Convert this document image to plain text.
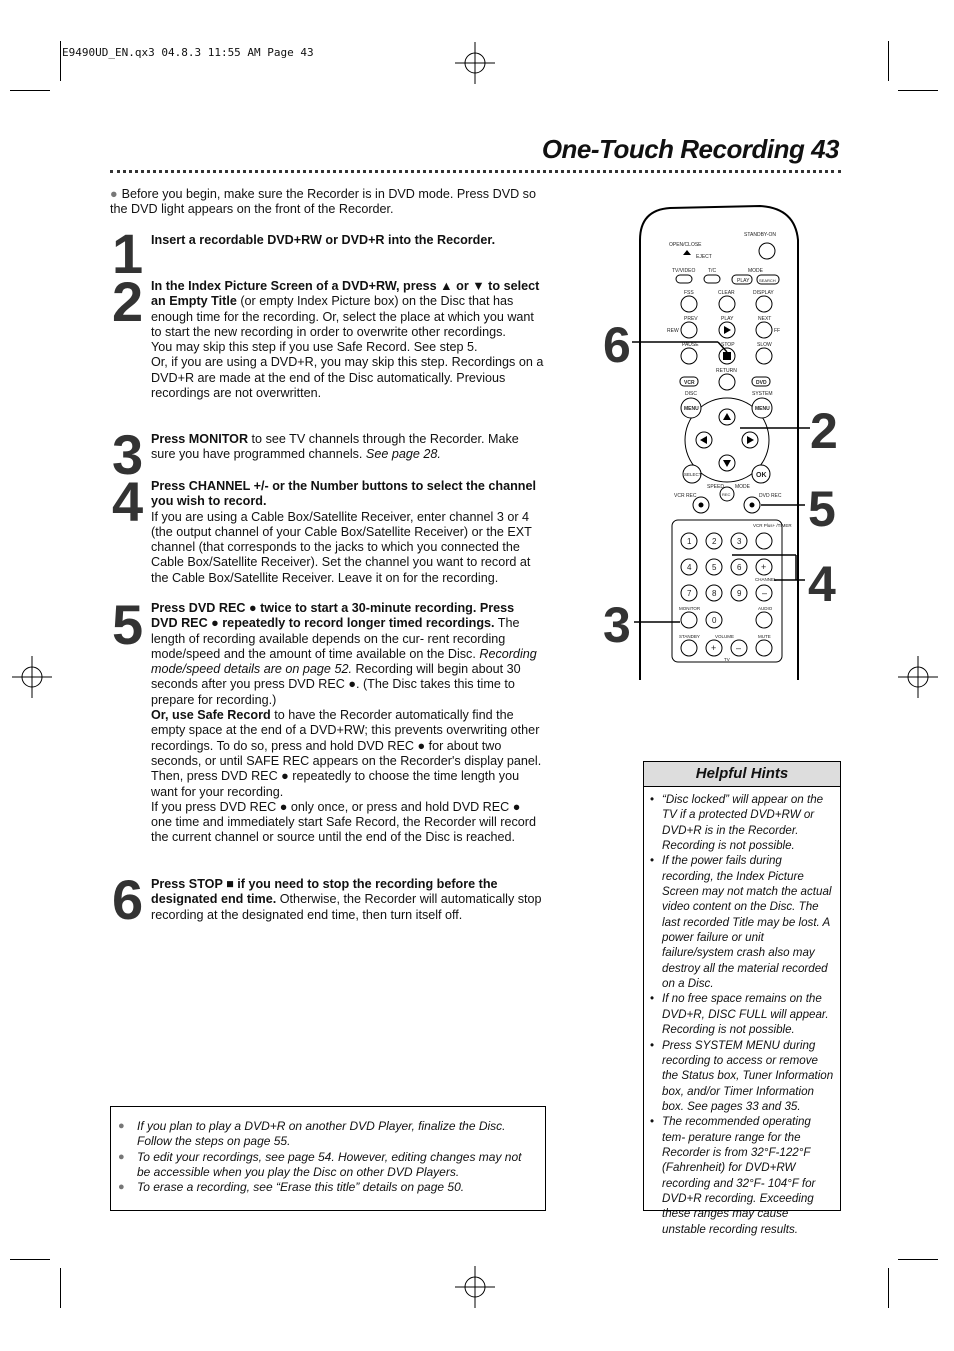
E9490UD_EN.qx3 04.8.3 11:55 AM Page 43
One-Touch Recording 43
● Before you begin, make sure the Recorder is in DVD mode. Press DVD so the DVD light appears on the front of the Recorder.
1 Insert a recordable DVD+RW or DVD+R into the Recorder.
2 In the Index Picture Screen of a DVD+RW, press ▲ or ▼ to select an Empty Title (or empty Index Picture box) on the Disc that has enough time for the recording. Or, select the place at which you want to start the new recording in order to overwrite other recordings.
You may skip this step if you use Safe Record. See step 5.
Or, if you are using a DVD+R, you may skip this step. Recordings on a DVD+R are made at the end of the Disc automatically. Previous recordings are not overwritten.
3 Press MONITOR to see TV channels through the Recorder. Make sure you have programmed channels. See page 28.
4 Press CHANNEL +/- or the Number buttons to select the channel you wish to record.
If you are using a Cable Box/Satellite Receiver, enter channel 3 or 4 (the output channel of your Cable Box/Satellite Receiver) or the EXT channel (that corresponds to the jacks to which you connected the Cable Box/Satellite Receiver). Set the channel you want to record at the Cable Box/Satellite Receiver. Leave it on for the recording.
5 Press DVD REC ● twice to start a 30-minute recording. Press DVD REC ● repeatedly to record longer timed recordings. The length of recording available depends on the cur- rent recording mode/speed and the amount of time available on the Disc. Recording mode/speed details are on page 52. Recording will begin about 30 seconds after you press DVD REC ●. (The Disc takes this time to prepare for recording.)
Or, use Safe Record to have the Recorder automatically find the empty space at the end of a DVD+RW; this prevents overwriting other recordings. To do so, press and hold DVD REC ● for about two seconds, or until SAFE REC appears on the Recorder's display panel. Then, press DVD REC ● repeatedly to choose the time length you want for your recording.
If you press DVD REC ● only once, or press and hold DVD REC ● one time and immediately start Safe Record, the Recorder will record the current channel or source until the end of the Disc is reached.
6 Press STOP ■ if you need to stop the recording before the designated end time. Otherwise, the Recorder will automatically stop recording at the designated end time, then turn itself off.
● If you plan to play a DVD+R on another DVD Player, finalize the Disc. Follow the steps on page 55.
● To edit your recordings, see page 54. However, editing changes may not be accessible when you play the Disc on other DVD Players.
● To erase a recording, see “Erase this title” details on page 50.
Helpful Hints
• “Disc locked” will appear on the TV if a protected DVD+RW or DVD+R is in the Recorder. Recording is not possible.
• If the power fails during recording, the Index Picture Screen may not match the actual video content on the Disc. The last recorded Title may be lost. A power failure or unit failure/system crash also may destroy all the material recorded on a Disc.
• If no free space remains on the DVD+R, DISC FULL will appear. Recording is not possible.
• Press SYSTEM MENU during recording to access or remove the Status box, Tuner Information box, and/or Timer Information box. See pages 33 and 35.
• The recommended operating tem- perature range for the Recorder is from 32°F-122°F (Fahrenheit) for DVD+RW recording and 32°F- 104°F for DVD+R recording. Exceeding these ranges may cause unstable recording results.
STANDBY-ON
OPEN/CLOSE
EJECT
TV/VIDEO	T/C	MODE
PLAY SEARCH
FSS	CLEAR	DISPLAY
PREV	PLAY	NEXT
REW	FF
PAUSE	STOP	SLOW
RETURN
VCR	DVD
DISC	SYSTEM
MENU	MENU
SELECT	OK
SPEED MODE
VCR REC	REC	DVD REC
VCR Plus+ /TIMER
1	2	3
4	5	6 +
CHANNEL
7	8	9 –
MONITOR
0
AUDIO
STANDBY	VOLUME	MUTE
+ –
TV
6
2
5
4
3
